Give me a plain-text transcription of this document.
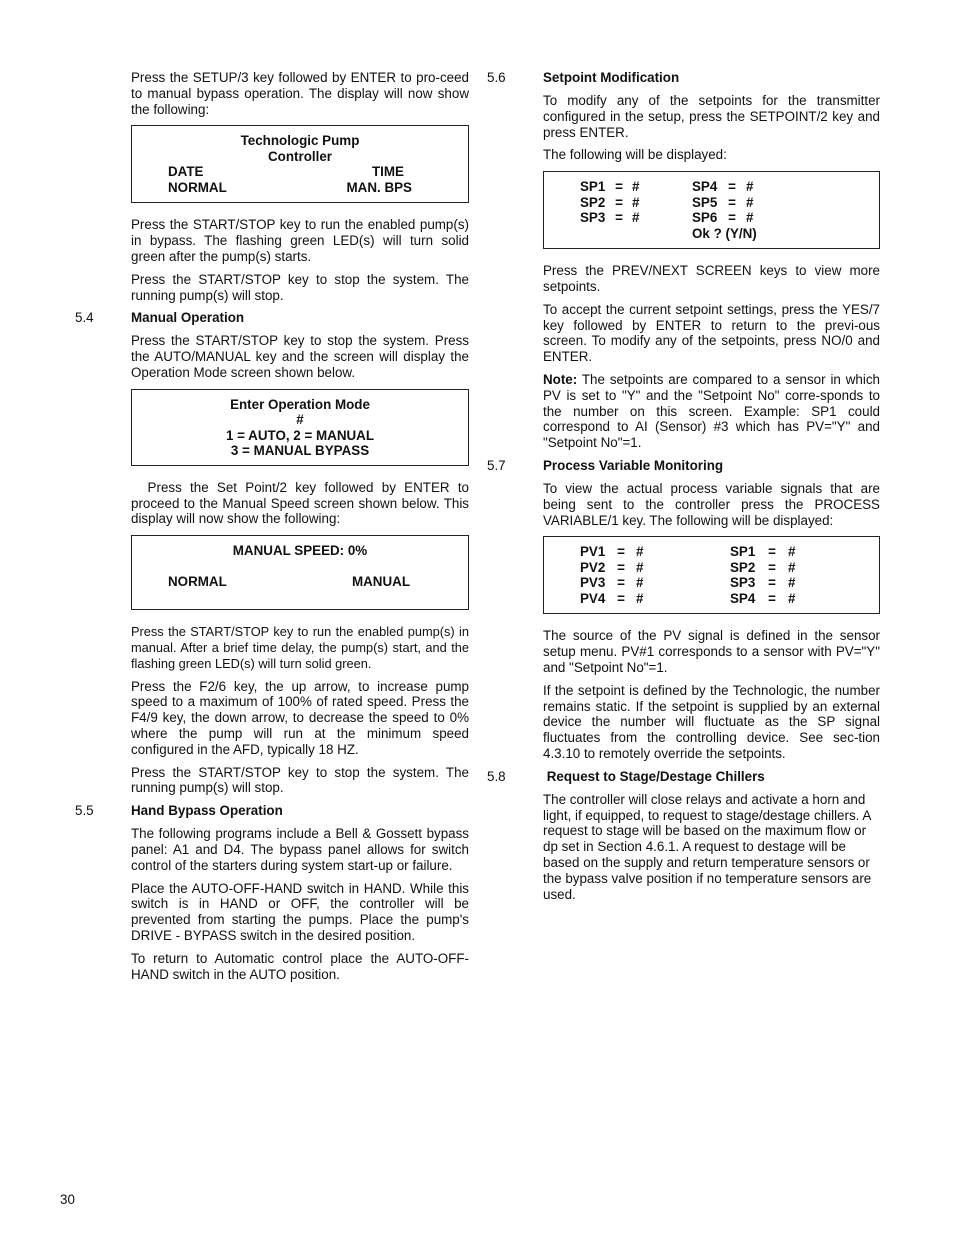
Press the SETUP/3 key followed by ENTER to pro-ceed to manual bypass operation. The display will now show the following:

Technologic Pump
Controller
DATE	TIME
NORMAL	MAN. BPS

Press the START/STOP key to run the enabled pump(s) in bypass. The flashing green LED(s) will turn solid green after the pump(s) starts.

Press the START/STOP key to stop the system. The running pump(s) will stop.

5.4	Manual Operation

Press the START/STOP key to stop the system. Press the AUTO/MANUAL key and the screen will display the Operation Mode screen shown below.

Enter Operation Mode
#
1 = AUTO, 2 = MANUAL
3 = MANUAL BYPASS

Press the Set Point/2 key followed by ENTER to proceed to the Manual Speed screen shown below. This display will now show the following:

MANUAL SPEED: 0%
NORMAL	MANUAL

Press the START/STOP key to run the enabled pump(s) in manual. After a brief time delay, the pump(s) start, and the flashing green LED(s) will turn solid green.

Press the F2/6 key, the up arrow, to increase pump speed to a maximum of 100% of rated speed. Press the F4/9 key, the down arrow, to decrease the speed to 0% where the pump will run at the minimum speed configured in the AFD, typically 18 HZ.

Press the START/STOP key to stop the system. The running pump(s) will stop.

5.5	Hand Bypass Operation

The following programs include a Bell & Gossett bypass panel: A1 and D4. The bypass panel allows for switch control of the starters during system start-up or failure.

Place the AUTO-OFF-HAND switch in HAND. While this switch is in HAND or OFF, the controller will be prevented from starting the pumps. Place the pump's DRIVE - BYPASS switch in the desired position.

To return to Automatic control place the AUTO-OFF-HAND switch in the AUTO position.

5.6	Setpoint Modification

To modify any of the setpoints for the transmitter configured in the setup, press the SETPOINT/2 key and press ENTER.

The following will be displayed:

SP1 = #	SP4 = #
SP2 = #	SP5 = #
SP3 = #	SP6 = #
Ok ? (Y/N)

Press the PREV/NEXT SCREEN keys to view more setpoints.

To accept the current setpoint settings, press the YES/7 key followed by ENTER to return to the previ-ous screen. To modify any of the setpoints, press NO/0 and ENTER.

Note: The setpoints are compared to a sensor in which PV is set to "Y" and the "Setpoint No" corre-sponds to the number on this screen. Example: SP1 could correspond to AI (Sensor) #3 which has PV="Y" and "Setpoint No"=1.

5.7	Process Variable Monitoring

To view the actual process variable signals that are being sent to the controller press the PROCESS VARIABLE/1 key. The following will be displayed:

PV1 = #	SP1 = #
PV2 = #	SP2 = #
PV3 = #	SP3 = #
PV4 = #	SP4 = #

The source of the PV signal is defined in the sensor setup menu. PV#1 corresponds to a sensor with PV="Y" and "Setpoint No"=1.

If the setpoint is defined by the Technologic, the number remains static. If the setpoint is supplied by an external device the number will fluctuate as the SP signal fluctuates from the controlling device. See sec-tion 4.3.10 to remotely override the setpoints.

5.8	Request to Stage/Destage Chillers

The controller will close relays and activate a horn and light, if equipped, to request to stage/destage chillers. A request to stage will be based on the maximum flow or dp set in Section 4.6.1. A request to destage will be based on the supply and return temperature sensors or the bypass valve position if no temperature sensors are used.

30
